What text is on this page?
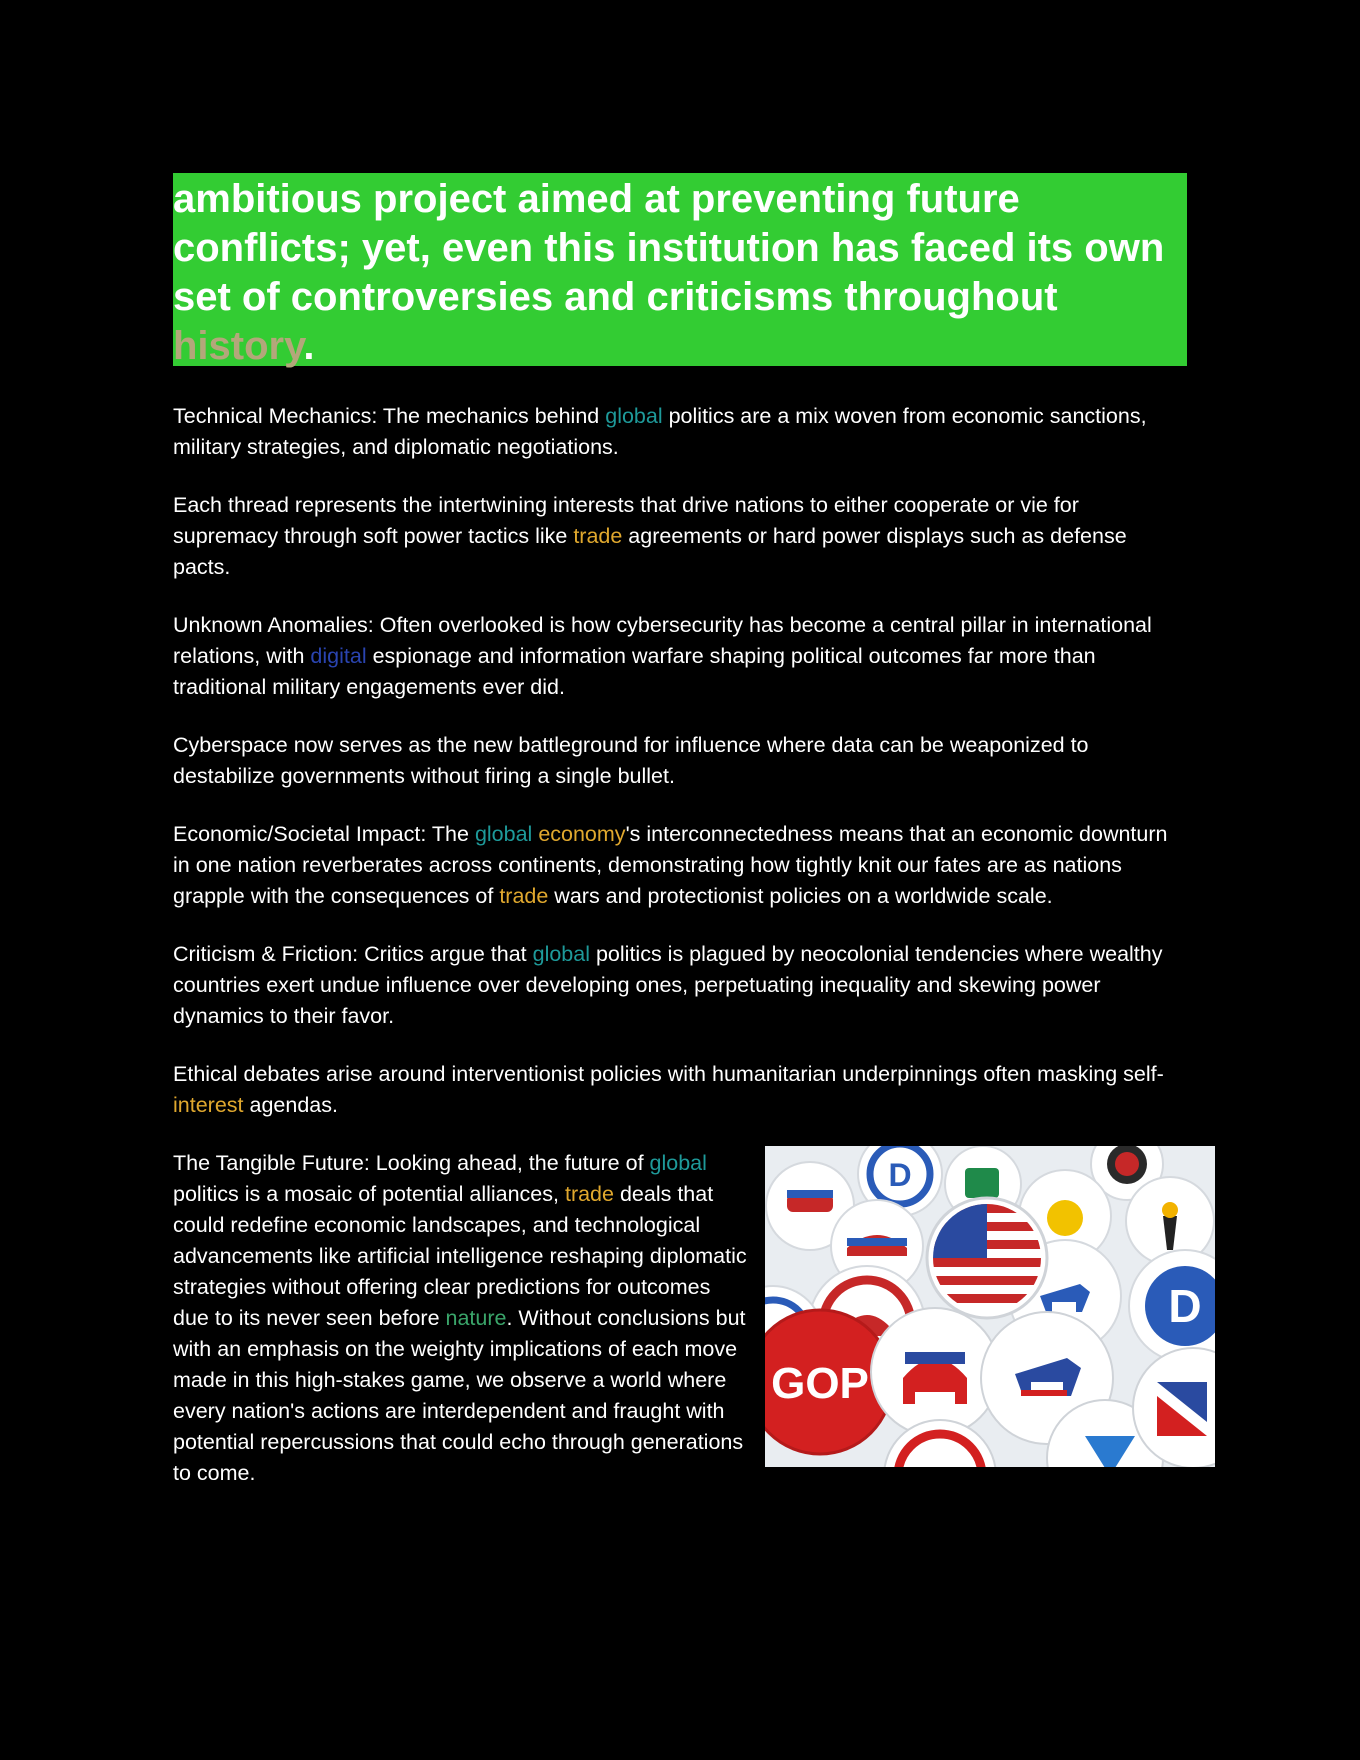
ambitious project aimed at preventing future conflicts; yet, even this institution has faced its own set of controversies and criticisms throughout history.

Technical Mechanics: The mechanics behind global politics are a mix woven from economic sanctions, military strategies, and diplomatic negotiations.

Each thread represents the intertwining interests that drive nations to either cooperate or vie for supremacy through soft power tactics like trade agreements or hard power displays such as defense pacts.

Unknown Anomalies: Often overlooked is how cybersecurity has become a central pillar in international relations, with digital espionage and information warfare shaping political outcomes far more than traditional military engagements ever did.

Cyberspace now serves as the new battleground for influence where data can be weaponized to destabilize governments without firing a single bullet.

Economic/Societal Impact: The global economy's interconnectedness means that an economic downturn in one nation reverberates across continents, demonstrating how tightly knit our fates are as nations grapple with the consequences of trade wars and protectionist policies on a worldwide scale.

Criticism & Friction: Critics argue that global politics is plagued by neocolonial tendencies where wealthy countries exert undue influence over developing ones, perpetuating inequality and skewing power dynamics to their favor.

Ethical debates arise around interventionist policies with humanitarian underpinnings often masking self-interest agendas.

The Tangible Future: Looking ahead, the future of global politics is a mosaic of potential alliances, trade deals that could redefine economic landscapes, and technological advancements like artificial intelligence reshaping diplomatic strategies without offering clear predictions for outcomes due to its never seen before nature. Without conclusions but with an emphasis on the weighty implications of each move made in this high-stakes game, we observe a world where every nation's actions are interdependent and fraught with potential repercussions that could echo through generations to come.

D
D
GOP
